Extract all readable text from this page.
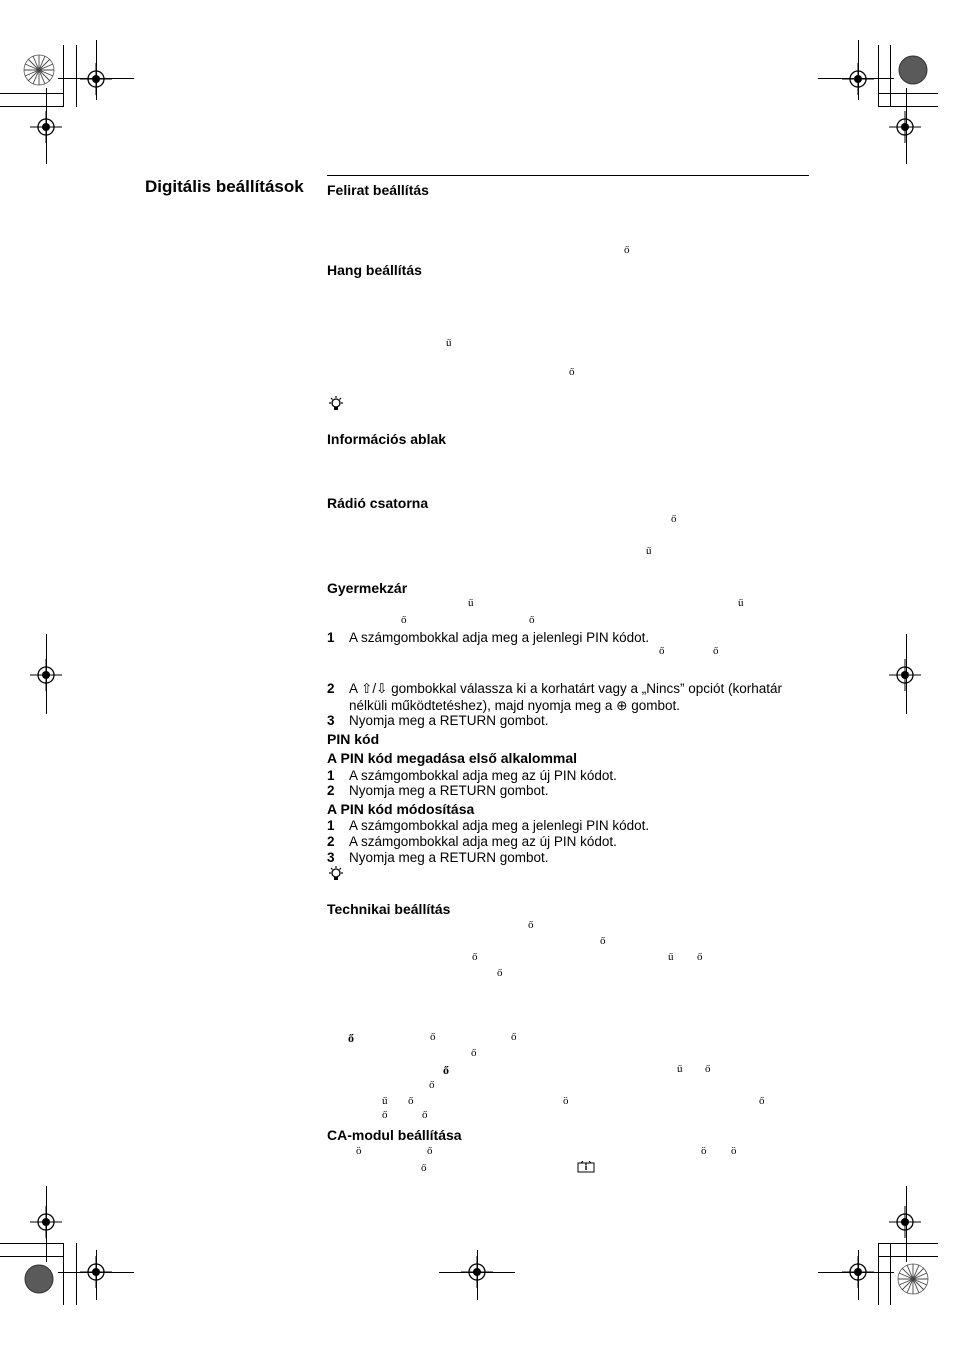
Digitális beállítások Felirat beállítás
ő
Hang beállítás
ű
ő
Információs ablak
Rádió csatorna
ő
ű
Gyermekzár
ű	ű
ő	ő
1 A számgombokkal adja meg a jelenlegi PIN kódot.
ő	ő
2 A ⇧/⇩ gombokkal válassza ki a korhatárt vagy a „Nincs” opciót (korhatár
nélküli működtetéshez), majd nyomja meg a ⊕ gombot.
3 Nyomja meg a RETURN gombot.
PIN kód
A PIN kód megadása első alkalommal
1 A számgombokkal adja meg az új PIN kódot.
2 Nyomja meg a RETURN gombot.
A PIN kód módosítása
1 A számgombokkal adja meg a jelenlegi PIN kódot.
2 A számgombokkal adja meg az új PIN kódot.
3 Nyomja meg a RETURN gombot.
Technikai beállítás
ő
ő
ő	ű ő
ő
ő	ő	ő
ő
ő	ű ő
ő
ű ő	ö	ő
ő	ő
CA-modul beállítása
ö	ő	ö ö
ő
